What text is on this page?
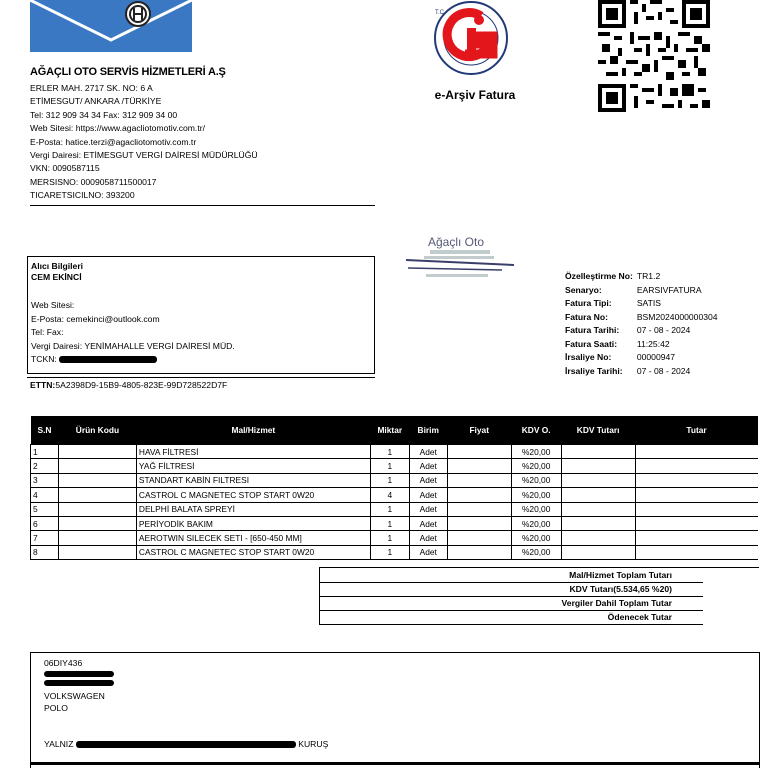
AĞAÇLI OTO SERVİS HİZMETLERİ A.Ş
ERLER MAH. 2717 SK. NO: 6 A
ETİMESGUT/ ANKARA /TÜRKİYE
Tel: 312 909 34 34 Fax: 312 909 34 00
Web Sitesi: https://www.agacliotomotiv.com.tr/
E-Posta: hatice.terzi@agacliotomotiv.com.tr
Vergi Dairesi: ETİMESGUT VERGİ DAİRESİ MÜDÜRLÜĞÜ
VKN: 0090587115
MERSISNO: 0009058711500017
TICARETSICILNO: 393200
T.C.
e-Arşiv Fatura
Ağaçlı Oto
Alıcı Bilgileri
CEM EKİNCİ
Web Sitesi:
E-Posta: cemekinci@outlook.com
Tel: Fax:
Vergi Dairesi: YENİMAHALLE VERGİ DAİRESİ MÜD.
TCKN:
ETTN:5A2398D9-15B9-4805-823E-99D728522D7F
Özelleştirme No:	TR1.2
Senaryo:	EARSIVFATURA
Fatura Tipi:	SATIS
Fatura No:	BSM2024000000304
Fatura Tarihi:	07 - 08 - 2024
Fatura Saati:	11:25:42
İrsaliye No:	00000947
İrsaliye Tarihi:	07 - 08 - 2024
S.N	Ürün Kodu	Mal/Hizmet	Miktar	Birim	Fiyat	KDV O.	KDV Tutarı	Tutar
1		HAVA FİLTRESİ	1	Adet		%20,00		
2		YAĞ FİLTRESİ	1	Adet		%20,00		
3		STANDART KABİN FILTRESI	1	Adet		%20,00		
4		CASTROL C MAGNETEC STOP START 0W20	4	Adet		%20,00		
5		DELPHİ BALATA SPREYİ	1	Adet		%20,00		
6		PERİYODİK BAKIM	1	Adet		%20,00		
7		AEROTWIN SILECEK SETI - [650-450 MM]	1	Adet		%20,00		
8		CASTROL C MAGNETEC STOP START 0W20	1	Adet		%20,00		
Mal/Hizmet Toplam Tutarı
KDV Tutarı(5.534,65 %20)
Vergiler Dahil Toplam Tutar
Ödenecek Tutar
06DIY436
VOLKSWAGEN
POLO
YALNIZ	KURUŞ
